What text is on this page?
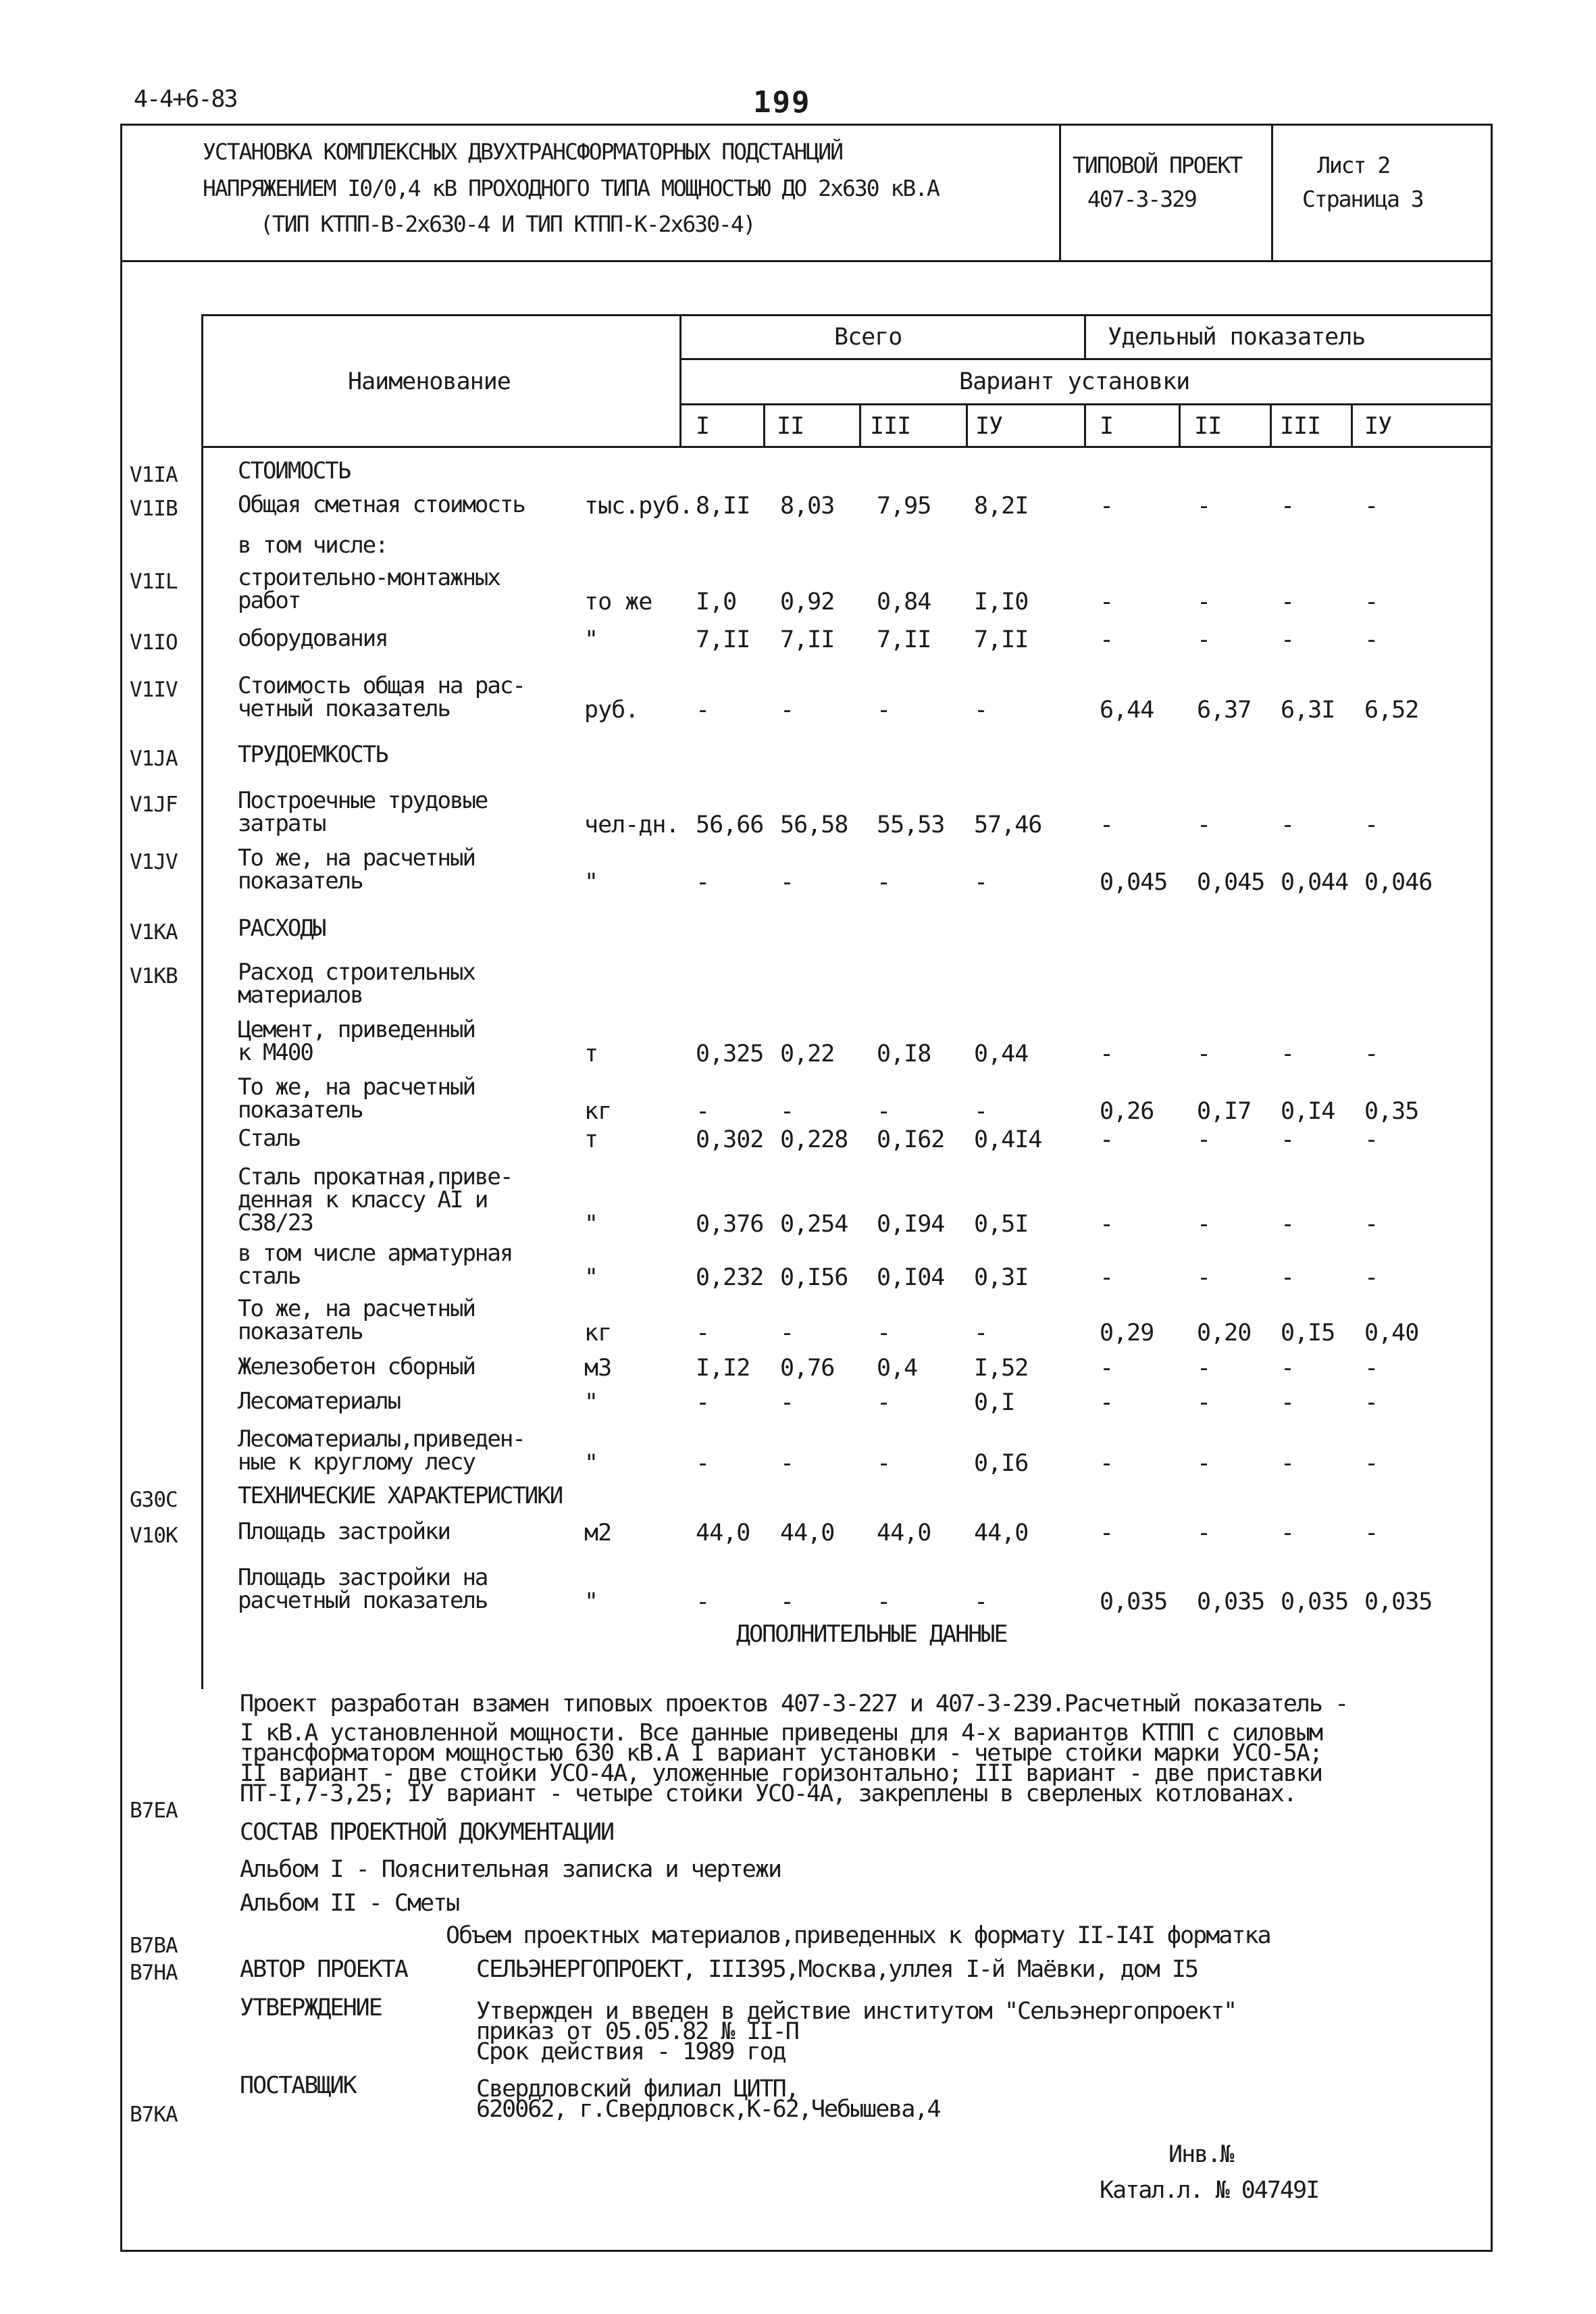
4-4+6-83	199
УСТАНОВКА КОМПЛЕКСНЫХ ДВУХТРАНСФОРМАТОРНЫХ ПОДСТАНЦИЙ
НАПРЯЖЕНИЕМ I0/0,4 кВ ПРОХОДНОГО ТИПА МОЩНОСТЬЮ ДО 2х630 кВ.А
(ТИП КТПП-В-2х630-4 И ТИП КТПП-К-2х630-4)
ТИПОВОЙ ПРОЕКТ
407-3-329
Лист 2
Страница 3
Наименование
Всего	Удельный показатель
Вариант установки
I	II	III	IУ	I	II III IУ
V1IA	СТОИМОСТЬ
V1IB	Общая сметная стоимость	тыс.руб. 8,II 8,03 7,95 8,2I	-	-	-	-
в том числе:
V1IL	строительно-монтажных
работ	то же I,0 0,92 0,84 I,I0	-	-	-	-
V1IO	оборудования	"	7,II 7,II 7,II 7,II	-	-	-	-
V1IV	Стоимость общая на рас-
четный показатель	руб. -	-	-	-	6,44 6,37 6,3I 6,52
V1JA	ТРУДОЕМКОСТЬ
V1JF	Построечные трудовые
затраты	чел-дн. 56,66 56,58 55,53 57,46 -	-	-	-
V1JV	То же, на расчетный
показатель	"	-	-	-	-	0,045 0,045 0,044 0,046
V1KA	РАСХОДЫ
V1KB	Расход строительных
материалов
Цемент, приведенный
к М400	т	0,325 0,22 0,I8 0,44	-	-	-	-
То же, на расчетный
показатель	кг	-	-	-	-	0,26 0,I7 0,I4 0,35
Сталь	т	0,302 0,228 0,I62 0,4I4 -	-	-	-
Сталь прокатная,приве-
денная к классу AI и
С38/23	"	0,376 0,254 0,I94 0,5I	-	-	-	-
в том числе арматурная
сталь	"	0,232 0,I56 0,I04 0,3I	-	-	-	-
То же, на расчетный
показатель	кг	-	-	-	-	0,29 0,20 0,I5 0,40
Железобетон сборный	м3	I,I2 0,76 0,4 I,52	-	-	-	-
Лесоматериалы	"	-	-	-	0,I	-	-	-	-
Лесоматериалы,приведен-
ные к круглому лесу	"	-	-	-	0,I6	-	-	-	-
G30C	ТЕХНИЧЕСКИЕ ХАРАКТЕРИСТИКИ
V10K	Площадь застройки	м2	44,0 44,0 44,0 44,0	-	-	-	-
Площадь застройки на
расчетный показатель	"	-	-	-	-	0,035 0,035 0,035 0,035
ДОПОЛНИТЕЛЬНЫЕ ДАННЫЕ
Проект разработан взамен типовых проектов 407-3-227 и 407-3-239.Расчетный показатель -
I кВ.А установленной мощности. Все данные приведены для 4-х вариантов КТПП с силовым
трансформатором мощностью 630 кВ.А I вариант установки - четыре стойки марки УСО-5А;
II вариант - две стойки УСО-4А, уложенные горизонтально; III вариант - две приставки
ПТ-I,7-3,25; IУ вариант - четыре стойки УСО-4А, закреплены в сверленых котлованах.
B7EA
СОСТАВ ПРОЕКТНОЙ ДОКУМЕНТАЦИИ
Альбом I - Пояснительная записка и чертежи
Альбом II - Сметы
Объем проектных материалов,приведенных к формату II-I4I форматка
B7BA
B7HA	АВТОР ПРОЕКТА	СЕЛЬЭНЕРГОПРОЕКТ, III395,Москва,уллея I-й Маёвки, дом I5
УТВЕРЖДЕНИЕ	Утвержден и введен в действие институтом "Сельэнергопроект"
приказ от 05.05.82 № II-П
Срок действия - 1989 год
ПОСТАВЩИК	Свердловский филиал ЦИТП,
620062, г.Свердловск,К-62,Чебышева,4
B7KA
Инв.№
Катал.л. № 04749I
